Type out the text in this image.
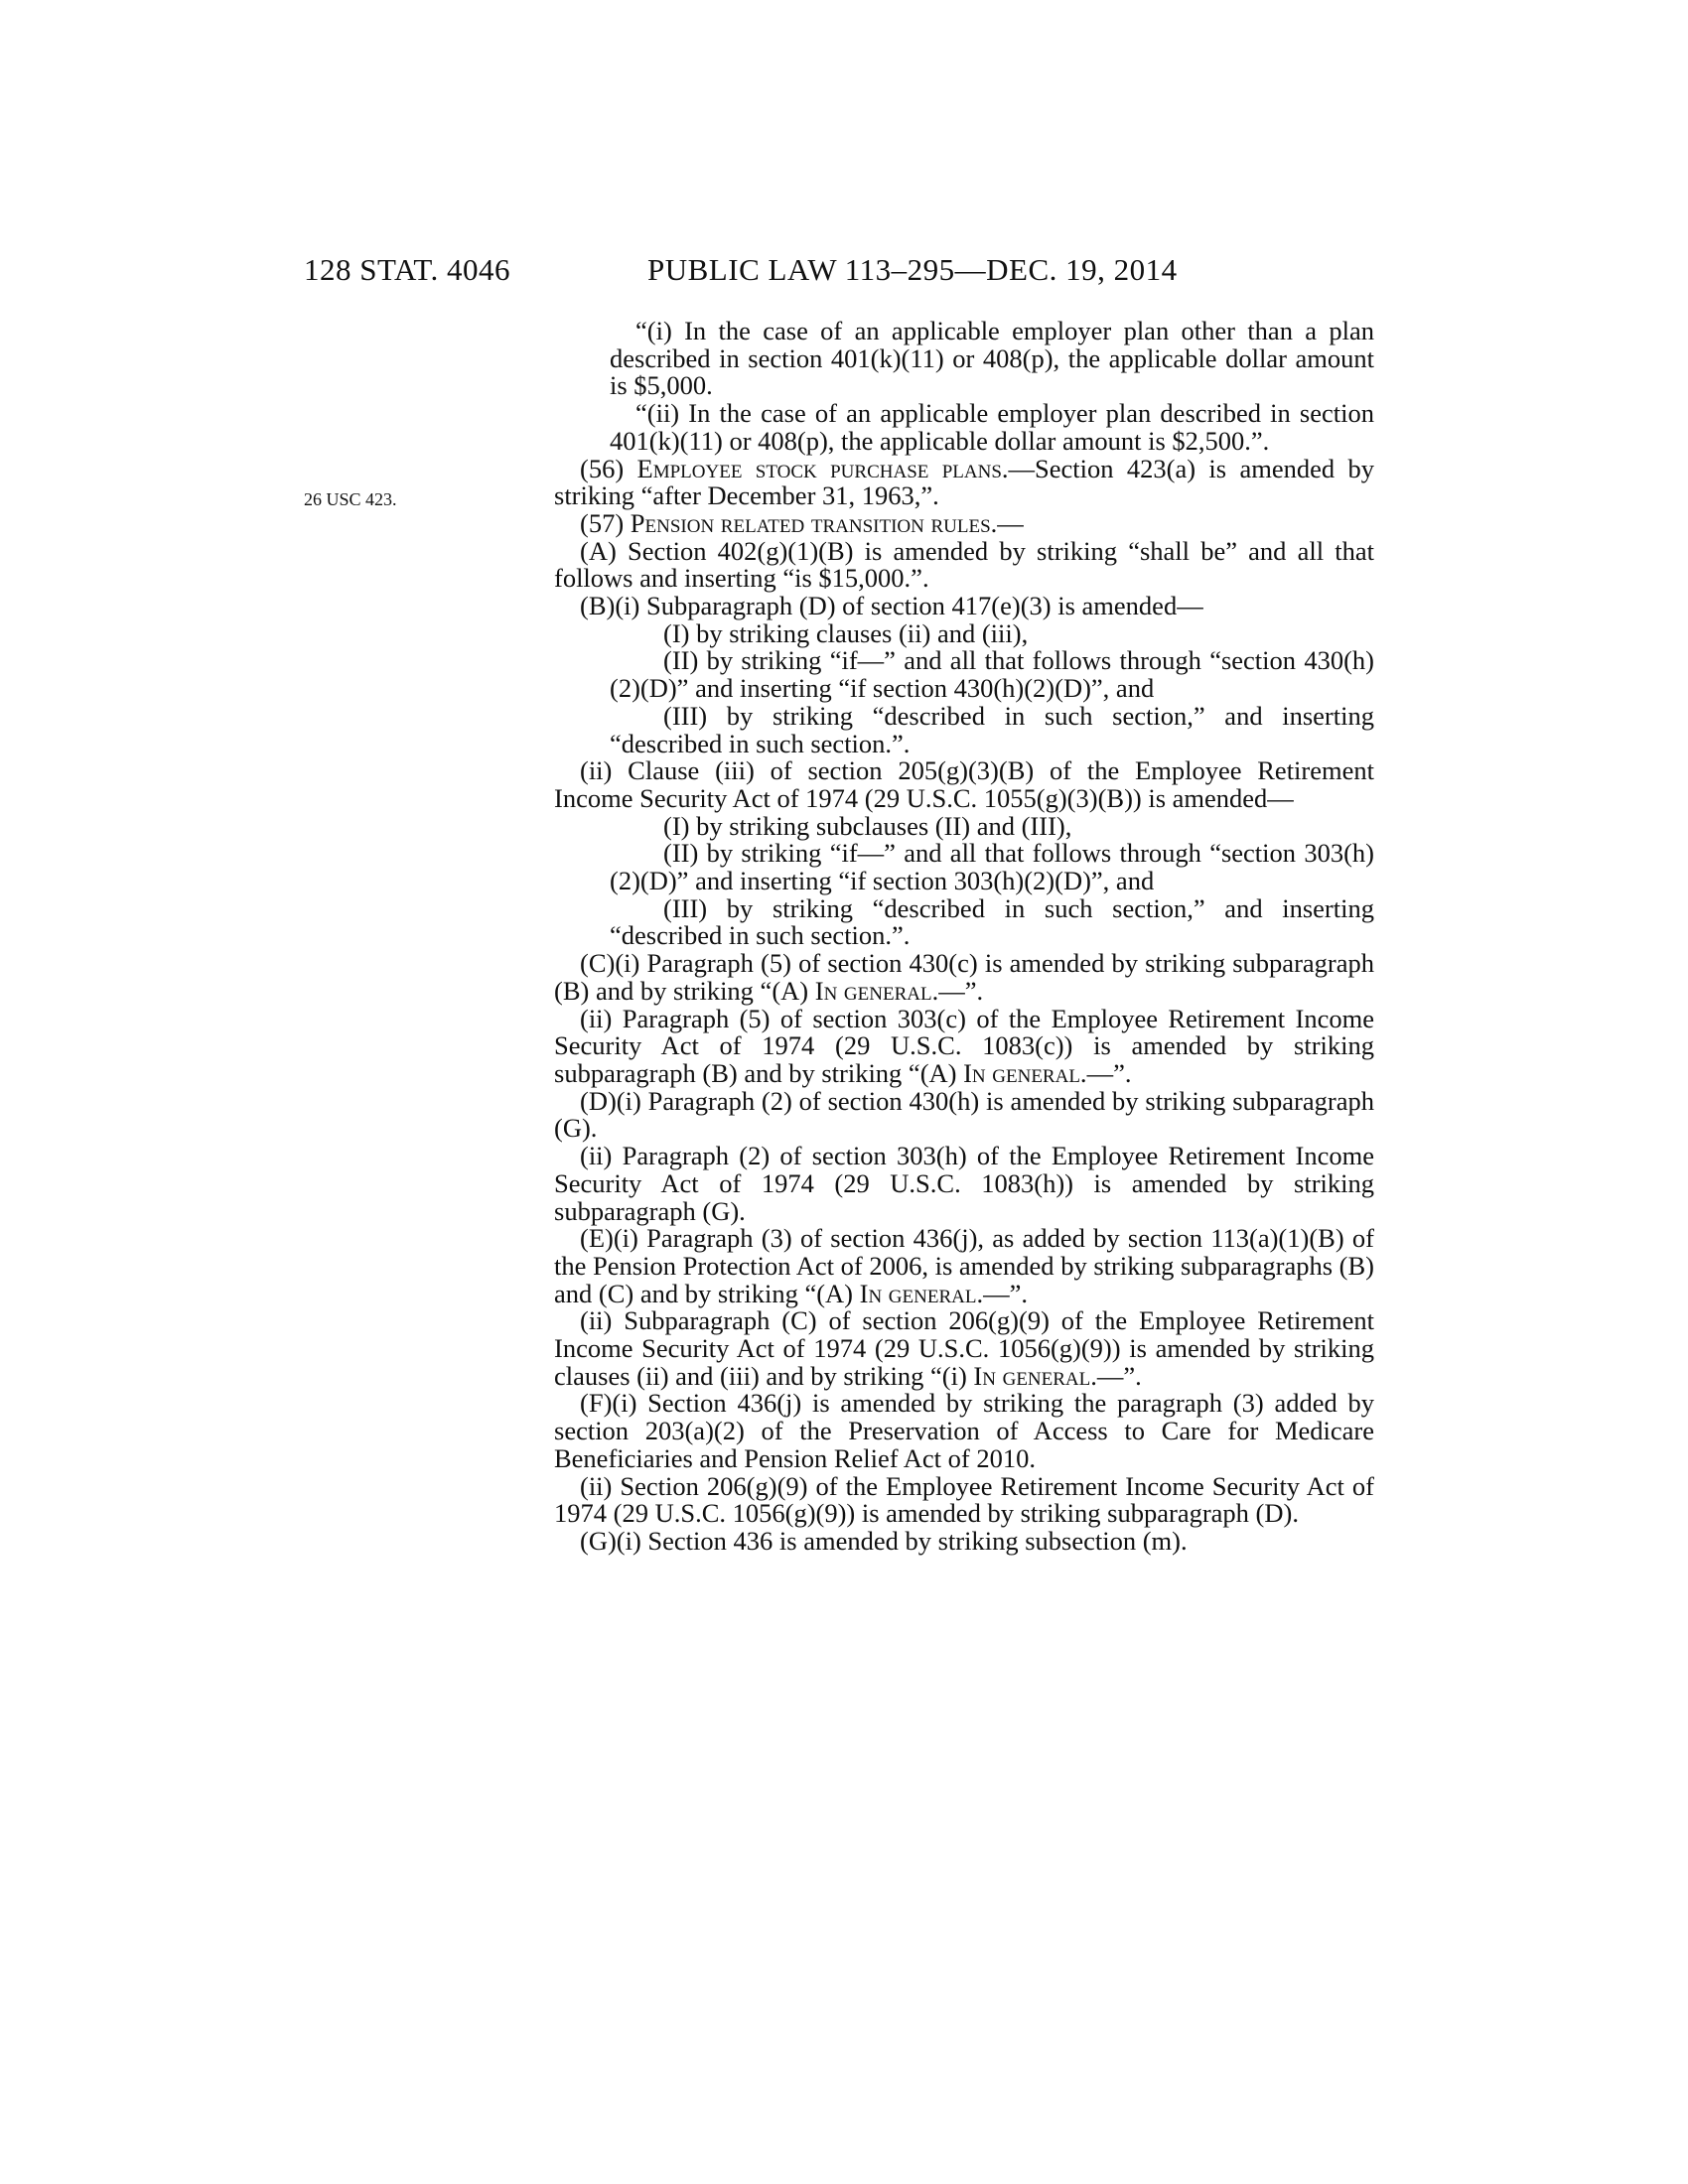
128 STAT. 4046	PUBLIC LAW 113–295—DEC. 19, 2014
26 USC 423.

“(i) In the case of an applicable employer plan other than a plan described in section 401(k)(11) or 408(p), the applicable dollar amount is $5,000.

“(ii) In the case of an applicable employer plan described in section 401(k)(11) or 408(p), the applicable dollar amount is $2,500.”.

(56) Employee stock purchase plans.—Section 423(a) is amended by striking “after December 31, 1963,”.

(57) Pension related transition rules.—

(A) Section 402(g)(1)(B) is amended by striking “shall be” and all that follows and inserting “is $15,000.”.

(B)(i) Subparagraph (D) of section 417(e)(3) is amended—

(I) by striking clauses (ii) and (iii),

(II) by striking “if—” and all that follows through “section 430(h)(2)(D)” and inserting “if section 430(h)(2)(D)”, and

(III) by striking “described in such section,” and inserting “described in such section.”.

(ii) Clause (iii) of section 205(g)(3)(B) of the Employee Retirement Income Security Act of 1974 (29 U.S.C. 1055(g)(3)(B)) is amended—

(I) by striking subclauses (II) and (III),

(II) by striking “if—” and all that follows through “section 303(h)(2)(D)” and inserting “if section 303(h)(2)(D)”, and

(III) by striking “described in such section,” and inserting “described in such section.”.

(C)(i) Paragraph (5) of section 430(c) is amended by striking subparagraph (B) and by striking “(A) In general.—”.

(ii) Paragraph (5) of section 303(c) of the Employee Retirement Income Security Act of 1974 (29 U.S.C. 1083(c)) is amended by striking subparagraph (B) and by striking “(A) In general.—”.

(D)(i) Paragraph (2) of section 430(h) is amended by striking subparagraph (G).

(ii) Paragraph (2) of section 303(h) of the Employee Retirement Income Security Act of 1974 (29 U.S.C. 1083(h)) is amended by striking subparagraph (G).

(E)(i) Paragraph (3) of section 436(j), as added by section 113(a)(1)(B) of the Pension Protection Act of 2006, is amended by striking subparagraphs (B) and (C) and by striking “(A) In general.—”.

(ii) Subparagraph (C) of section 206(g)(9) of the Employee Retirement Income Security Act of 1974 (29 U.S.C. 1056(g)(9)) is amended by striking clauses (ii) and (iii) and by striking “(i) In general.—”.

(F)(i) Section 436(j) is amended by striking the paragraph (3) added by section 203(a)(2) of the Preservation of Access to Care for Medicare Beneficiaries and Pension Relief Act of 2010.

(ii) Section 206(g)(9) of the Employee Retirement Income Security Act of 1974 (29 U.S.C. 1056(g)(9)) is amended by striking subparagraph (D).

(G)(i) Section 436 is amended by striking subsection (m).
